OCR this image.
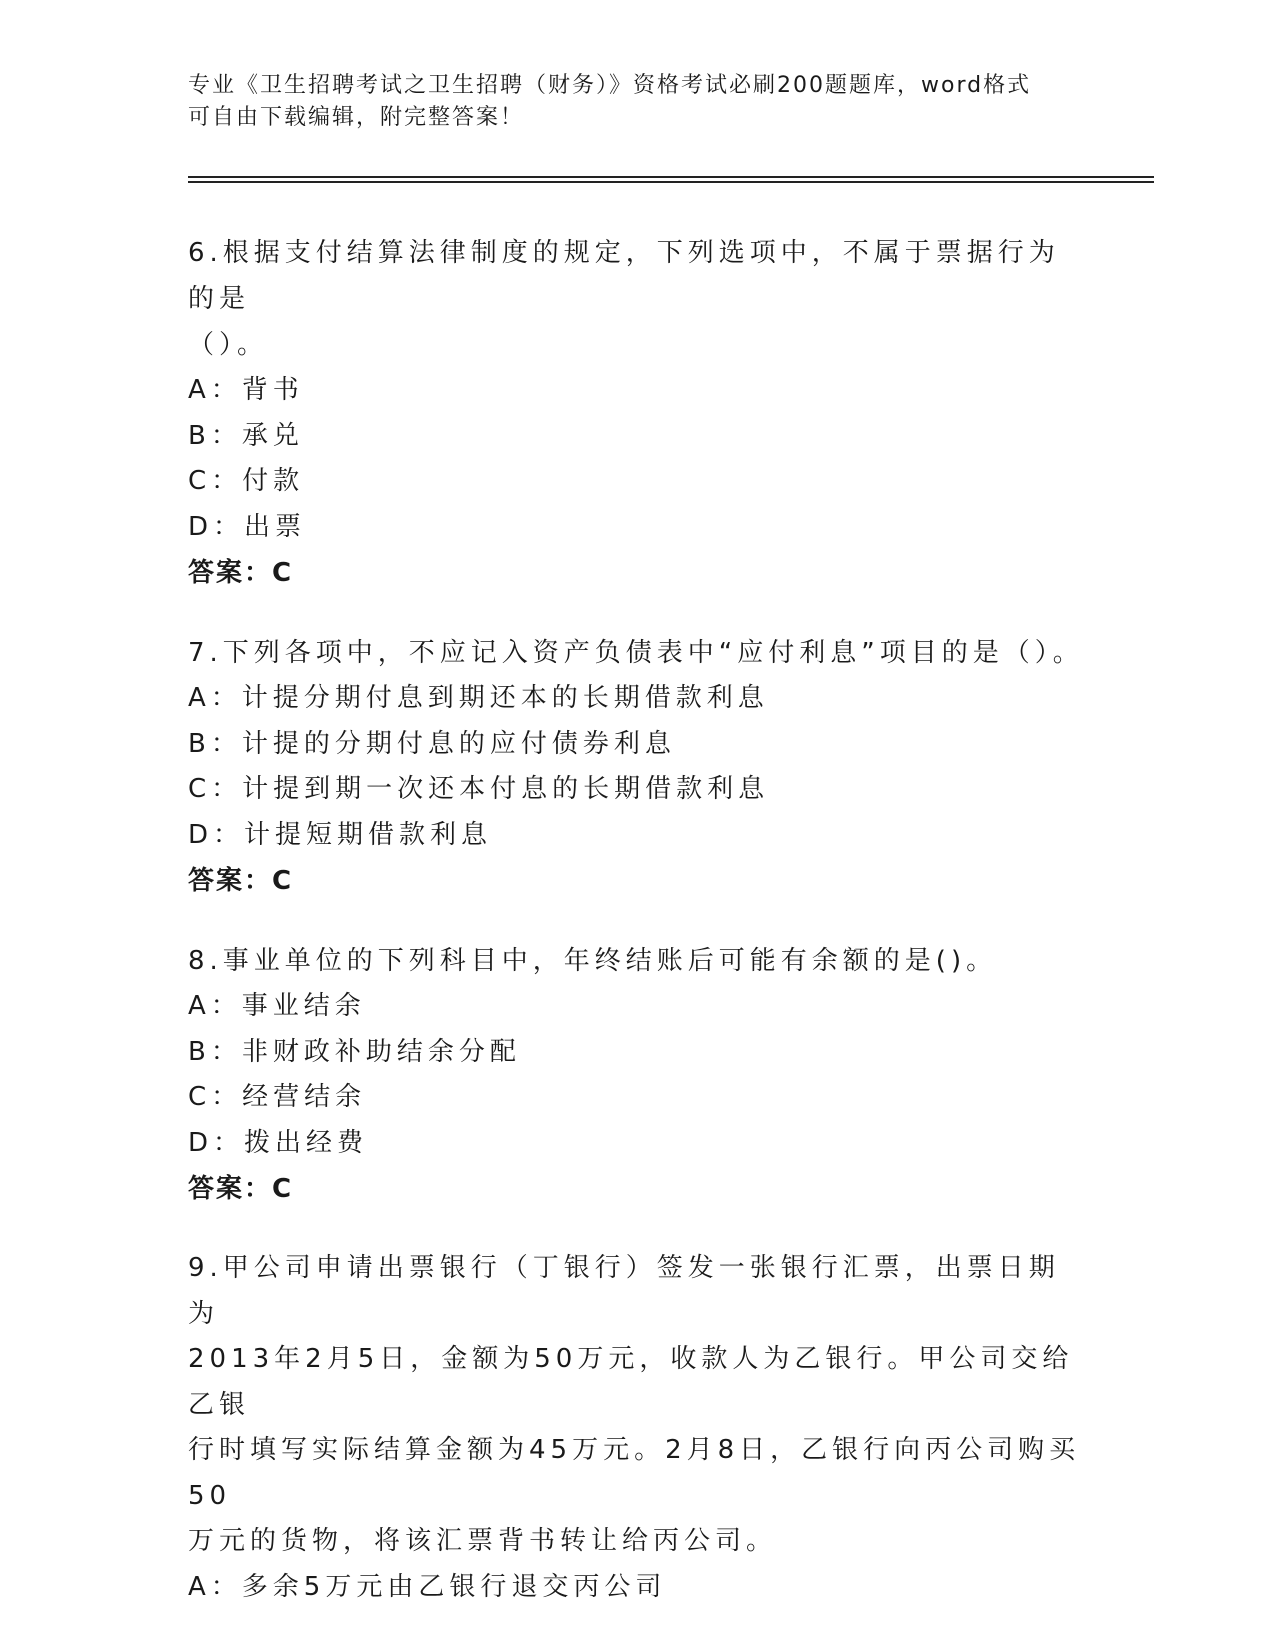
专业《卫生招聘考试之卫生招聘（财务）》资格考试必刷200题题库，word格式
可自由下载编辑，附完整答案！

6.根据支付结算法律制度的规定，下列选项中，不属于票据行为的是

（）。

A：背书

B：承兑

C：付款

D：出票

答案：C

7.下列各项中，不应记入资产负债表中“应付利息”项目的是（）。

A：计提分期付息到期还本的长期借款利息

B：计提的分期付息的应付债券利息

C：计提到期一次还本付息的长期借款利息

D：计提短期借款利息

答案：C

8.事业单位的下列科目中，年终结账后可能有余额的是()。

A：事业结余

B：非财政补助结余分配

C：经营结余

D：拨出经费

答案：C

9.甲公司申请出票银行（丁银行）签发一张银行汇票，出票日期为

2013年2月5日，金额为50万元，收款人为乙银行。甲公司交给乙银

行时填写实际结算金额为45万元。2月8日，乙银行向丙公司购买50

万元的货物，将该汇票背书转让给丙公司。

A：多余5万元由乙银行退交丙公司
